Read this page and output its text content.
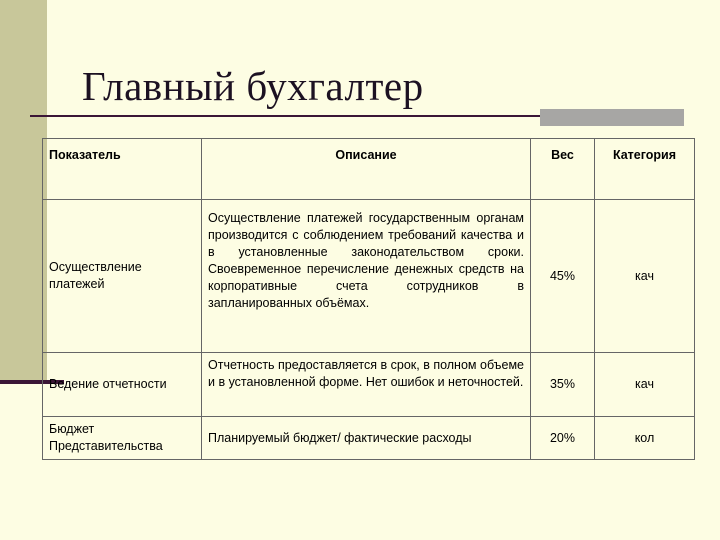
Главный бухгалтер
Показатель	Описание	Вес	Категория
Осуществление платежей	Осуществление платежей государственным органам производится с соблюдением требований качества и в установленные законодательством сроки. Своевременное перечисление денежных средств на корпоративные счета сотрудников в запланированных объёмах.	45%	кач
Ведение отчетности	Отчетность предоставляется в срок, в полном объеме и в установленной форме. Нет ошибок и неточностей.	35%	кач
Бюджет Представительства	Планируемый бюджет/ фактические расходы	20%	кол
